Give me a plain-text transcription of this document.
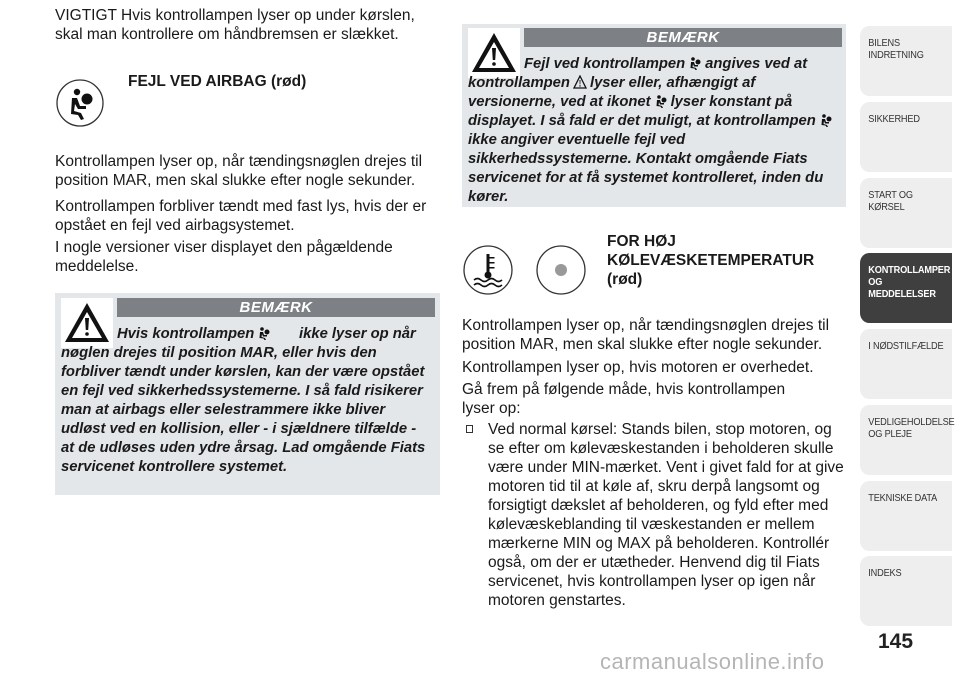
VIGTIGT Hvis kontrollampen lyser op under kørslen, skal man kontrollere om håndbremsen er slækket.

FEJL VED AIRBAG (rød)

Kontrollampen lyser op, når tændingsnøglen drejes til position MAR, men skal slukke efter nogle sekunder.

Kontrollampen forbliver tændt med fast lys, hvis der er opstået en fejl ved airbagsystemet.

I nogle versioner viser displayet den pågældende meddelelse.

BEMÆRK
Hvis kontrollampen	ikke lyser op når nøglen drejes til position MAR, eller hvis den forbliver tændt under kørslen, kan der være opstået en fejl ved sikkerhedssystemerne. I så fald risikerer man at airbags eller selestrammere ikke bliver udløst ved en kollision, eller - i sjældnere tilfælde - at de udløses uden ydre årsag. Lad omgående Fiats servicenet kontrollere systemet.
BEMÆRK
Fejl ved kontrollampen angives ved at kontrollampen lyser eller, afhængigt af versionerne, ved at ikonet lyser konstant på displayet. I så fald er det muligt, at kontrollampenikke angiver eventuelle fejl ved sikkerhedssystemerne. Kontakt omgående Fiats servicenet for at få systemet kontrolleret, inden du kører.
FOR HØJ KØLEVÆSKETEMPERATUR (rød)

Kontrollampen lyser op, når tændingsnøglen drejes til position MAR, men skal slukke efter nogle sekunder.

Kontrollampen lyser op, hvis motoren er overhedet.

Gå frem på følgende måde, hvis kontrollampen lyser op:

Ved normal kørsel: Stands bilen, stop motoren, og se efter om kølevæskestanden i beholderen skulle være under MIN-mærket. Vent i givet fald for at give motoren tid til at køle af, skru derpå langsomt og forsigtigt dækslet af beholderen, og fyld efter med kølevæskeblanding til væskestanden er mellem mærkerne MIN og MAX på beholderen. Kontrollér også, om der er utætheder. Henvend dig til Fiats servicenet, hvis kontrollampen lyser op igen når motoren genstartes.
BILENS INDRETNING
SIKKERHED
START OG KØRSEL
KONTROLLAMPER OG MEDDELELSER
I NØDSTILFÆLDE
VEDLIGEHOLDELSE OG PLEJE
TEKNISKE DATA
INDEKS
145
carmanualsonline.info
